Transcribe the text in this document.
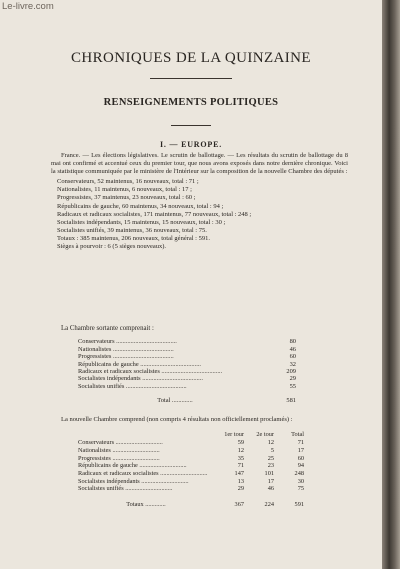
Le-livre.com
CHRONIQUES DE LA QUINZAINE
RENSEIGNEMENTS POLITIQUES
I. — EUROPE.

France. — Les élections législatives. Le scrutin de ballottage. — Les résultats du scrutin de ballottage du 8 mai ont confirmé et accentué ceux du premier tour, que nous avons exposés dans notre dernière chronique. Voici la statistique communiquée par le ministère de l'Intérieur sur la composition de la nouvelle Chambre des députés :

Conservateurs, 52 maintenus, 16 nouveaux, total : 71 ;

Nationalistes, 11 maintenus, 6 nouveaux, total : 17 ;

Progressistes, 37 maintenus, 23 nouveaux, total : 60 ;

Républicains de gauche, 60 maintenus, 34 nouveaux, total : 94 ;

Radicaux et radicaux socialistes, 171 maintenus, 77 nouveaux, total : 248 ;

Socialistes indépendants, 15 maintenus, 15 nouveaux, total : 30 ;

Socialistes unifiés, 39 maintenus, 36 nouveaux, total : 75.

Totaux : 385 maintenus, 206 nouveaux, total général : 591.

Sièges à pourvoir : 6 (5 sièges nouveaux).

La Chambre sortante comprenait :
Conservateurs ......................................	80
Nationalistes ......................................	46
Progressistes ......................................	60
Républicains de gauche ......................................	32
Radicaux et radicaux socialistes ......................................	209
Socialistes indépendants ......................................	29
Socialistes unifiés ......................................	55
Total .............	581
La nouvelle Chambre comprend (non compris 4 résultats non officiellement proclamés) :
	1er tour	2e tour	Total
Conservateurs ..............................	59	12	71
Nationalistes ..............................	12	5	17
Progressistes ..............................	35	25	60
Républicains de gauche ..............................	71	23	94
Radicaux et radicaux socialistes ..............................	147	101	248
Socialistes indépendants ..............................	13	17	30
Socialistes unifiés ..............................	29	46	75
Totaux .............	367	224	591
